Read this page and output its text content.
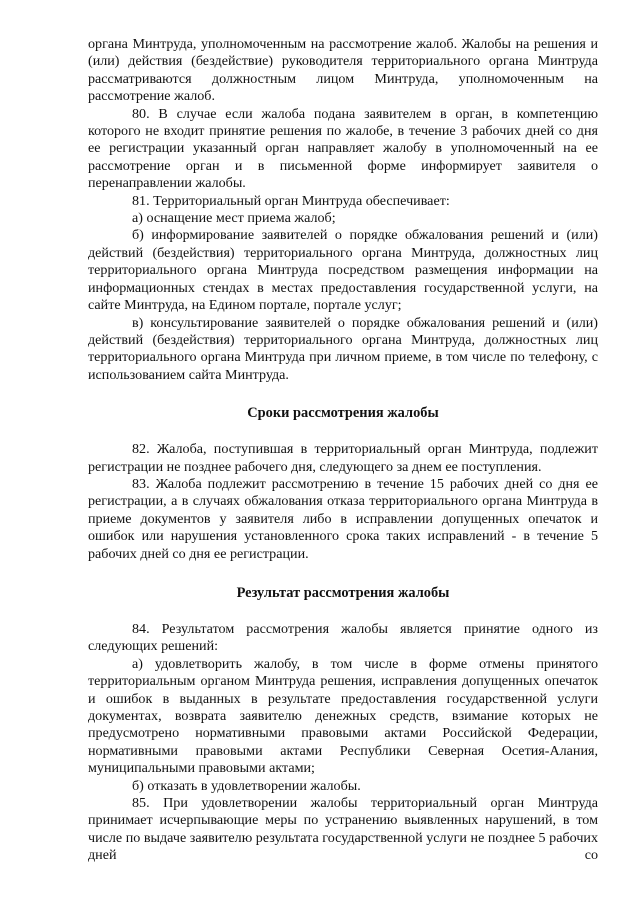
органа Минтруда, уполномоченным на рассмотрение жалоб. Жалобы на решения и (или) действия (бездействие) руководителя территориального органа Минтруда рассматриваются должностным лицом Минтруда, уполномоченным на рассмотрение жалоб.

80. В случае если жалоба подана заявителем в орган, в компетенцию которого не входит принятие решения по жалобе, в течение 3 рабочих дней со дня ее регистрации указанный орган направляет жалобу в уполномоченный на ее рассмотрение орган и в письменной форме информирует заявителя о перенаправлении жалобы.

81. Территориальный орган Минтруда обеспечивает:

а) оснащение мест приема жалоб;

б) информирование заявителей о порядке обжалования решений и (или) действий (бездействия) территориального органа Минтруда, должностных лиц территориального органа Минтруда посредством размещения информации на информационных стендах в местах предоставления государственной услуги, на сайте Минтруда, на Едином портале, портале услуг;

в) консультирование заявителей о порядке обжалования решений и (или) действий (бездействия) территориального органа Минтруда, должностных лиц территориального органа Минтруда при личном приеме, в том числе по телефону, с использованием сайта Минтруда.

Сроки рассмотрения жалобы

82. Жалоба, поступившая в территориальный орган Минтруда, подлежит регистрации не позднее рабочего дня, следующего за днем ее поступления.

83. Жалоба подлежит рассмотрению в течение 15 рабочих дней со дня ее регистрации, а в случаях обжалования отказа территориального органа Минтруда в приеме документов у заявителя либо в исправлении допущенных опечаток и ошибок или нарушения установленного срока таких исправлений - в течение 5 рабочих дней со дня ее регистрации.

Результат рассмотрения жалобы

84. Результатом рассмотрения жалобы является принятие одного из следующих решений:

а) удовлетворить жалобу, в том числе в форме отмены принятого территориальным органом Минтруда решения, исправления допущенных опечаток и ошибок в выданных в результате предоставления государственной услуги документах, возврата заявителю денежных средств, взимание которых не предусмотрено нормативными правовыми актами Российской Федерации, нормативными правовыми актами Республики Северная Осетия-Алания, муниципальными правовыми актами;

б) отказать в удовлетворении жалобы.

85. При удовлетворении жалобы территориальный орган Минтруда принимает исчерпывающие меры по устранению выявленных нарушений, в том числе по выдаче заявителю результата государственной услуги не позднее 5 рабочих дней со
